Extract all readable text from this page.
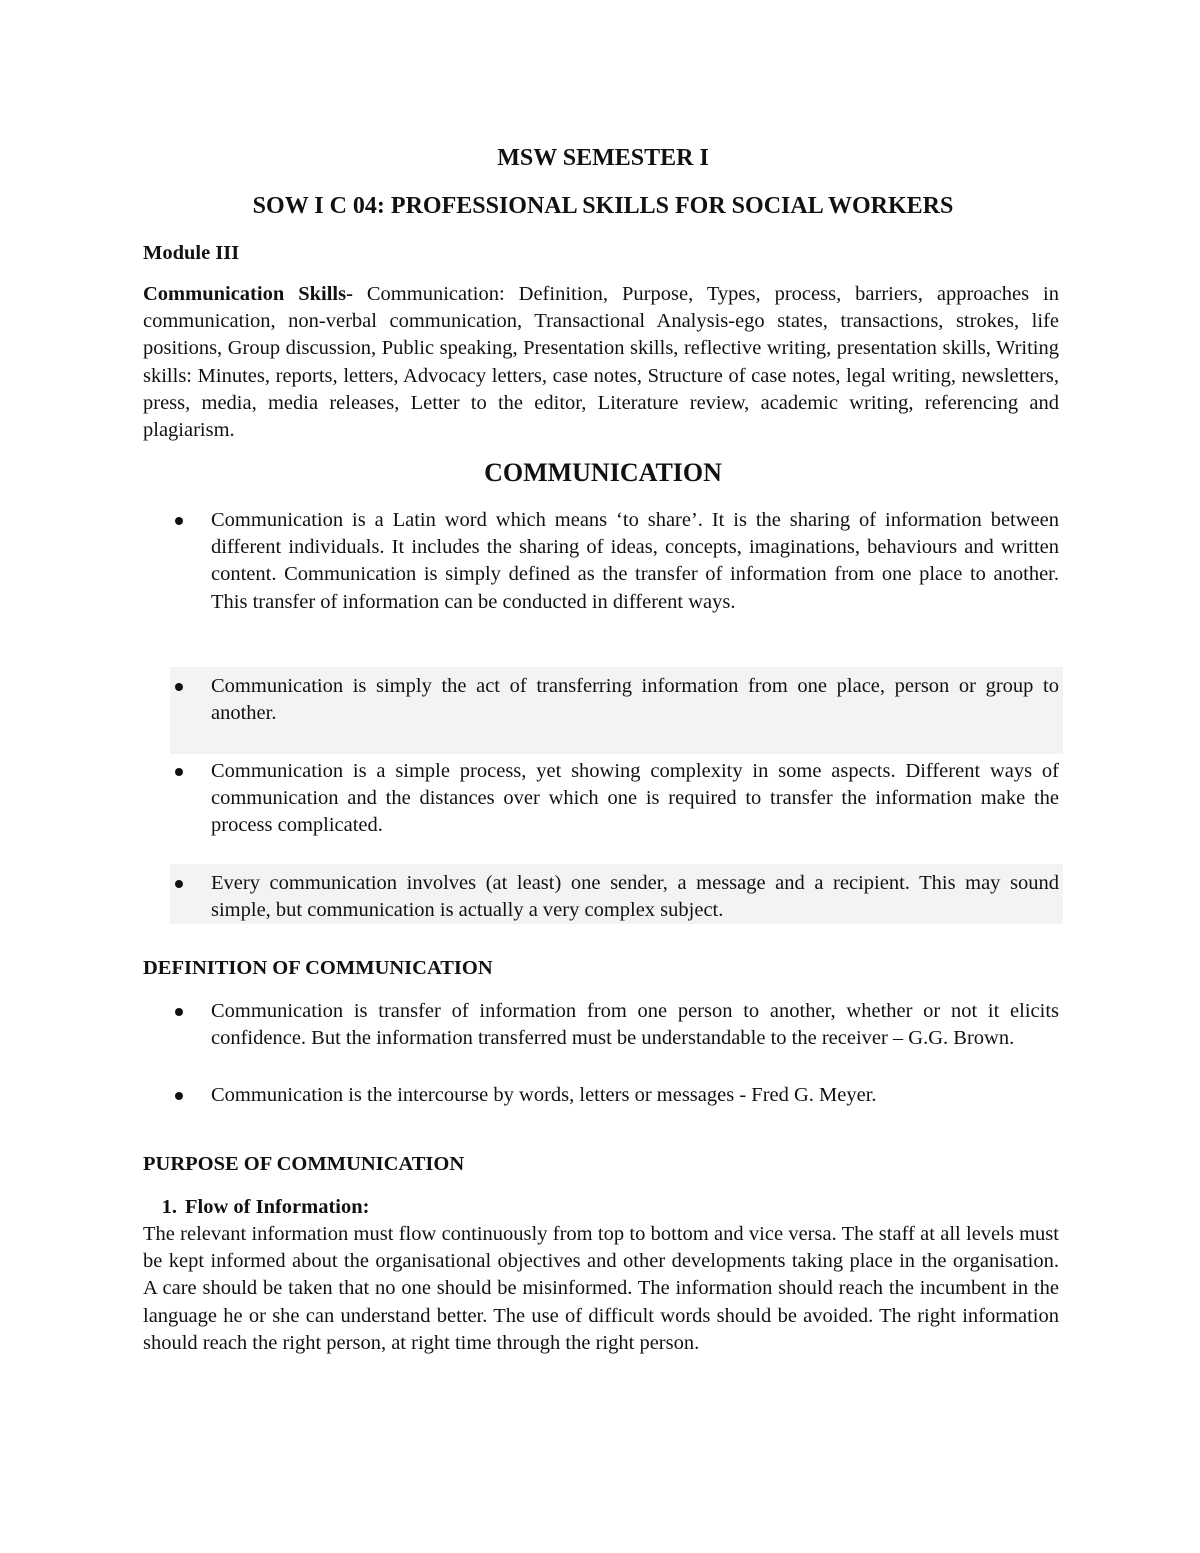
MSW SEMESTER I

SOW I C 04: PROFESSIONAL SKILLS FOR SOCIAL WORKERS

Module III

Communication Skills- Communication: Definition, Purpose, Types, process, barriers, approaches in communication, non-verbal communication, Transactional Analysis-ego states, transactions, strokes, life positions, Group discussion, Public speaking, Presentation skills, reflective writing, presentation skills, Writing skills: Minutes, reports, letters, Advocacy letters, case notes, Structure of case notes, legal writing, newsletters, press, media, media releases, Letter to the editor, Literature review, academic writing, referencing and plagiarism.

COMMUNICATION

Communication is a Latin word which means ‘to share’. It is the sharing of information between different individuals. It includes the sharing of ideas, concepts, imaginations, behaviours and written content. Communication is simply defined as the transfer of information from one place to another. This transfer of information can be conducted in different ways.
Communication is simply the act of transferring information from one place, person or group to another.
Communication is a simple process, yet showing complexity in some aspects. Different ways of communication and the distances over which one is required to transfer the information make the process complicated.
Every communication involves (at least) one sender, a message and a recipient. This may sound simple, but communication is actually a very complex subject.

DEFINITION OF COMMUNICATION

Communication is transfer of information from one person to another, whether or not it elicits confidence. But the information transferred must be understandable to the receiver – G.G. Brown.
Communication is the intercourse by words, letters or messages - Fred G. Meyer.

PURPOSE OF COMMUNICATION

1. Flow of Information:

The relevant information must flow continuously from top to bottom and vice versa. The staff at all levels must be kept informed about the organisational objectives and other developments taking place in the organisation. A care should be taken that no one should be misinformed. The information should reach the incumbent in the language he or she can understand better. The use of difficult words should be avoided. The right information should reach the right person, at right time through the right person.
